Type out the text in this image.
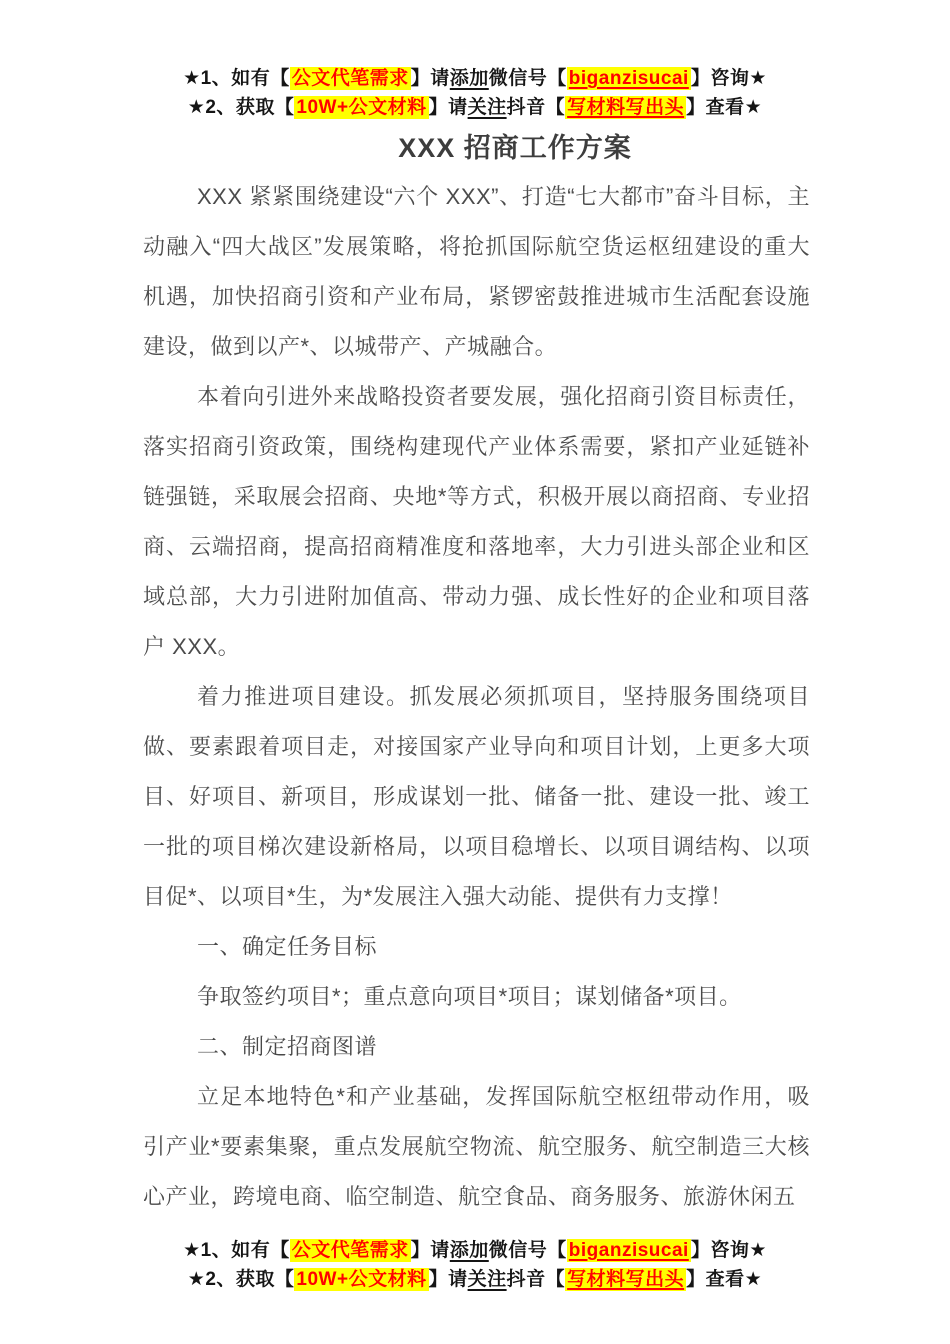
★1、如有【 公文代笔需求 】请添加微信号【 biganzisucai 】咨询★
★2、获取【 10W+公文材料 】请关注抖音【 写材料写出头 】查看★
XXX 招商工作方案

XXX 紧紧围绕建设“六个 XXX”、打造“七大都市”奋斗目标，主动融入“四大战区”发展策略，将抢抓国际航空货运枢纽建设的重大机遇，加快招商引资和产业布局，紧锣密鼓推进城市生活配套设施建设，做到以产*、以城带产、产城融合。

本着向引进外来战略投资者要发展，强化招商引资目标责任，落实招商引资政策，围绕构建现代产业体系需要，紧扣产业延链补链强链，采取展会招商、央地*等方式，积极开展以商招商、专业招商、云端招商，提高招商精准度和落地率，大力引进头部企业和区域总部，大力引进附加值高、带动力强、成长性好的企业和项目落户 XXX。

着力推进项目建设。抓发展必须抓项目，坚持服务围绕项目做、要素跟着项目走，对接国家产业导向和项目计划，上更多大项目、好项目、新项目，形成谋划一批、储备一批、建设一批、竣工一批的项目梯次建设新格局，以项目稳增长、以项目调结构、以项目促*、以项目*生，为*发展注入强大动能、提供有力支撑！

一、确定任务目标

争取签约项目*；重点意向项目*项目；谋划储备*项目。

二、制定招商图谱

立足本地特色*和产业基础，发挥国际航空枢纽带动作用，吸引产业*要素集聚，重点发展航空物流、航空服务、航空制造三大核心产业，跨境电商、临空制造、航空食品、商务服务、旅游休闲五

★1、如有【 公文代笔需求 】请添加微信号【 biganzisucai 】咨询★
★2、获取【 10W+公文材料 】请关注抖音【 写材料写出头 】查看★
